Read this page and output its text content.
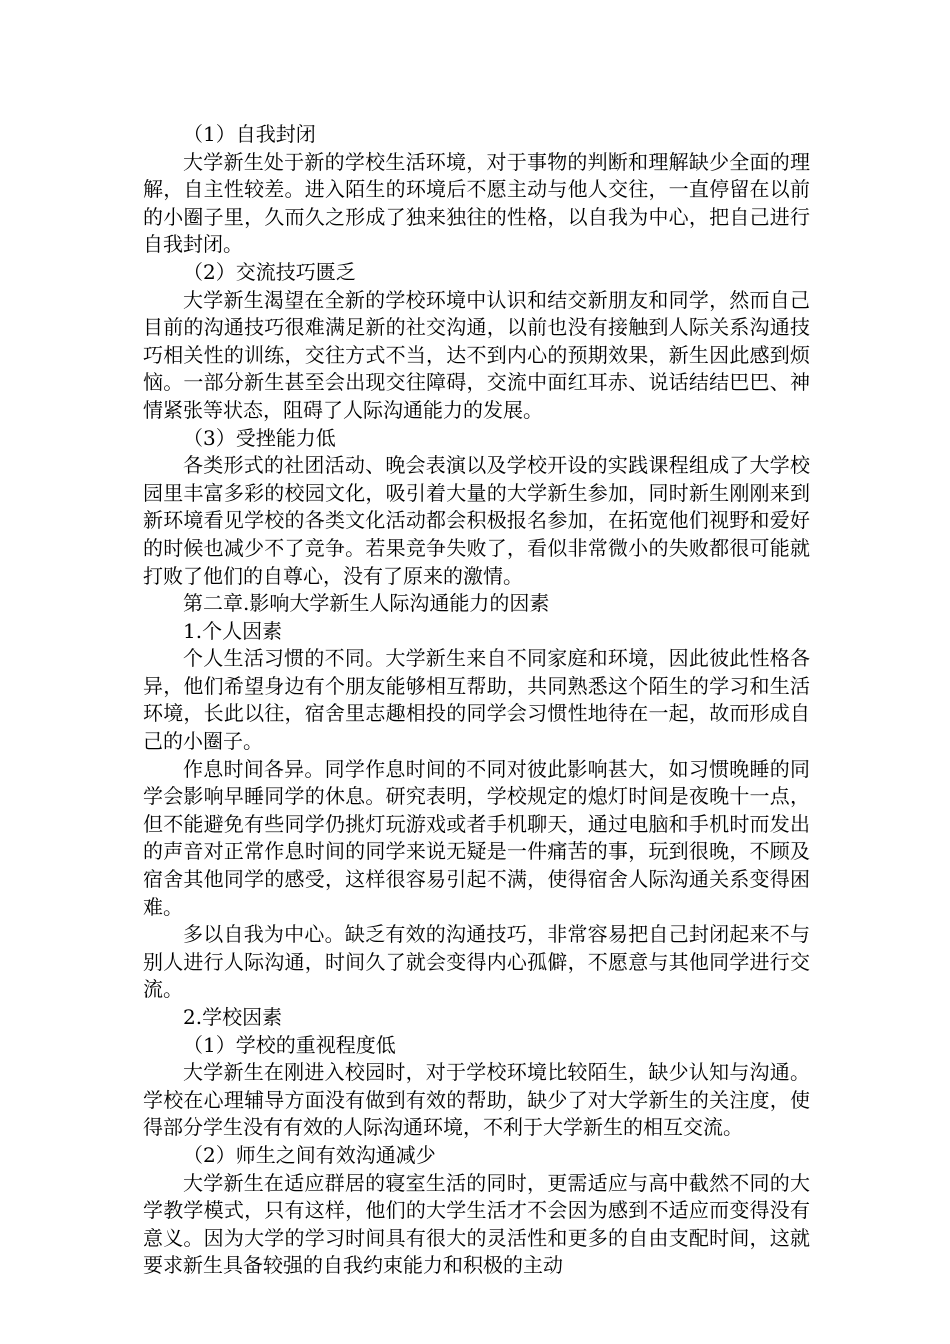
（1）自我封闭

大学新生处于新的学校生活环境，对于事物的判断和理解缺少全面的理解，自主性较差。进入陌生的环境后不愿主动与他人交往，一直停留在以前的小圈子里，久而久之形成了独来独往的性格，以自我为中心，把自己进行自我封闭。

（2）交流技巧匮乏

大学新生渴望在全新的学校环境中认识和结交新朋友和同学，然而自己目前的沟通技巧很难满足新的社交沟通，以前也没有接触到人际关系沟通技巧相关性的训练，交往方式不当，达不到内心的预期效果，新生因此感到烦恼。一部分新生甚至会出现交往障碍，交流中面红耳赤、说话结结巴巴、神情紧张等状态，阻碍了人际沟通能力的发展。

（3）受挫能力低

各类形式的社团活动、晚会表演以及学校开设的实践课程组成了大学校园里丰富多彩的校园文化，吸引着大量的大学新生参加，同时新生刚刚来到新环境看见学校的各类文化活动都会积极报名参加，在拓宽他们视野和爱好的时候也减少不了竞争。若果竞争失败了，看似非常微小的失败都很可能就打败了他们的自尊心，没有了原来的激情。

第二章.影响大学新生人际沟通能力的因素

1.个人因素

个人生活习惯的不同。大学新生来自不同家庭和环境，因此彼此性格各异，他们希望身边有个朋友能够相互帮助，共同熟悉这个陌生的学习和生活环境，长此以往，宿舍里志趣相投的同学会习惯性地待在一起，故而形成自己的小圈子。

作息时间各异。同学作息时间的不同对彼此影响甚大，如习惯晚睡的同学会影响早睡同学的休息。研究表明，学校规定的熄灯时间是夜晚十一点，但不能避免有些同学仍挑灯玩游戏或者手机聊天，通过电脑和手机时而发出的声音对正常作息时间的同学来说无疑是一件痛苦的事，玩到很晚，不顾及宿舍其他同学的感受，这样很容易引起不满，使得宿舍人际沟通关系变得困难。

多以自我为中心。缺乏有效的沟通技巧，非常容易把自己封闭起来不与别人进行人际沟通，时间久了就会变得内心孤僻，不愿意与其他同学进行交流。

2.学校因素

（1）学校的重视程度低

大学新生在刚进入校园时，对于学校环境比较陌生，缺少认知与沟通。学校在心理辅导方面没有做到有效的帮助，缺少了对大学新生的关注度，使得部分学生没有有效的人际沟通环境，不利于大学新生的相互交流。

（2）师生之间有效沟通减少

大学新生在适应群居的寝室生活的同时，更需适应与高中截然不同的大学教学模式，只有这样，他们的大学生活才不会因为感到不适应而变得没有意义。因为大学的学习时间具有很大的灵活性和更多的自由支配时间，这就要求新生具备较强的自我约束能力和积极的主动
